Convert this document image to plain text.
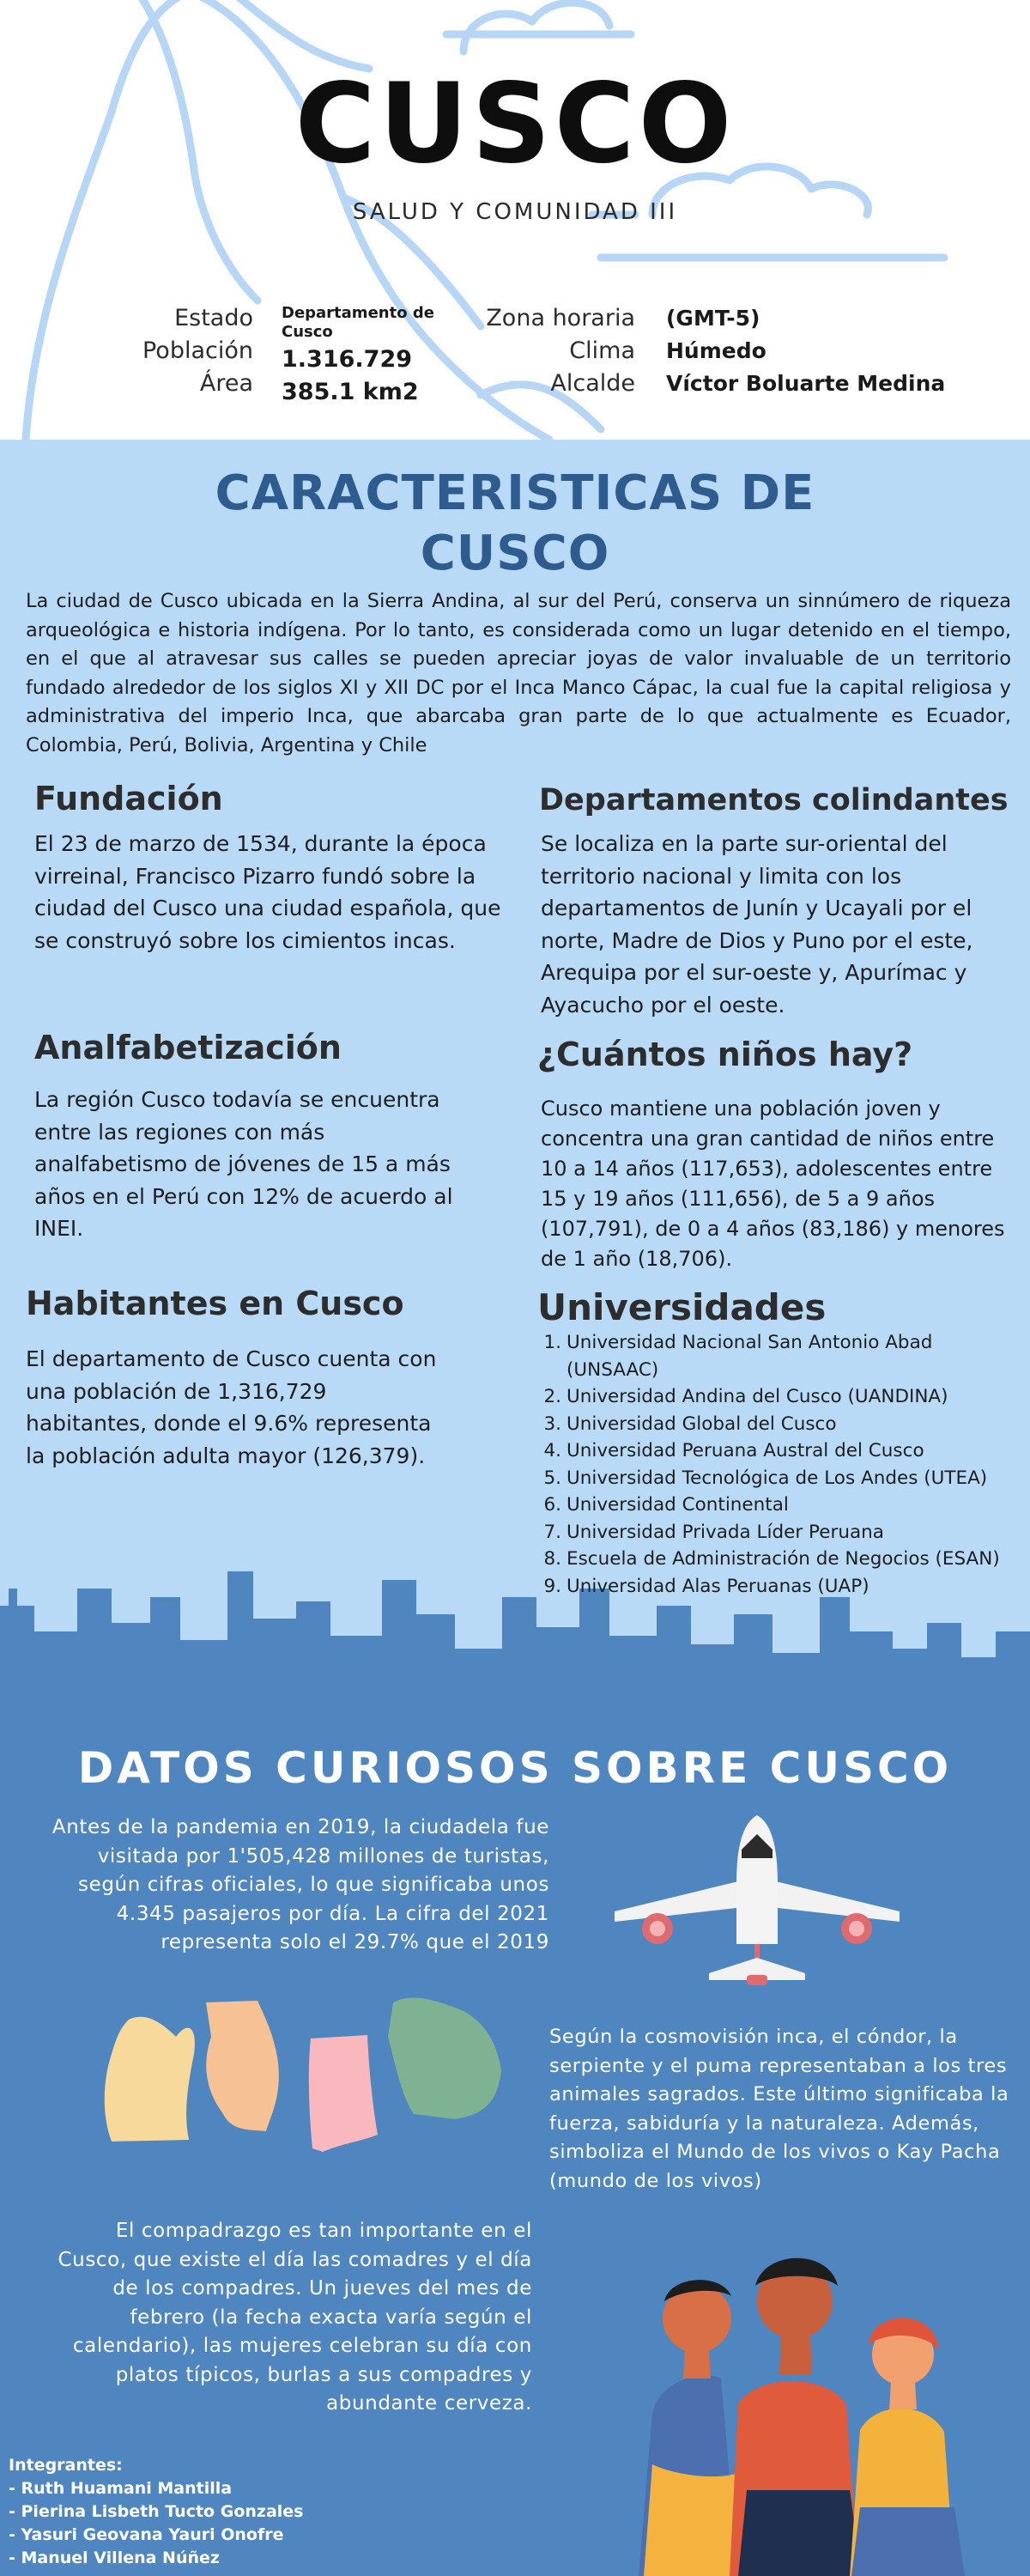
CUSCO
SALUD Y COMUNIDAD III
Estado
Población
Área
Departamento de Cusco
1.316.729
385.1 km2
Zona horaria
Clima
Alcalde
(GMT-5)
Húmedo
Víctor Boluarte Medina
CARACTERISTICAS DE
CUSCO
La ciudad de Cusco ubicada en la Sierra Andina, al sur del Perú, conserva un sinnúmero de riqueza arqueológica e historia indígena. Por lo tanto, es considerada como un lugar detenido en el tiempo, en el que al atravesar sus calles se pueden apreciar joyas de valor invaluable de un territorio fundado alrededor de los siglos XI y XII DC por el Inca Manco Cápac, la cual fue la capital religiosa y administrativa del imperio Inca, que abarcaba gran parte de lo que actualmente es Ecuador, Colombia, Perú, Bolivia, Argentina y Chile
Fundación
El 23 de marzo de 1534, durante la época virreinal, Francisco Pizarro fundó sobre la ciudad del Cusco una ciudad española, que se construyó sobre los cimientos incas.
Departamentos colindantes
Se localiza en la parte sur-oriental del territorio nacional y limita con los departamentos de Junín y Ucayali por el norte, Madre de Dios y Puno por el este, Arequipa por el sur-oeste y, Apurímac y Ayacucho por el oeste.
Analfabetización
La región Cusco todavía se encuentra entre las regiones con más analfabetismo de jóvenes de 15 a más años en el Perú con 12% de acuerdo al INEI.
¿Cuántos niños hay?
Cusco mantiene una población joven y concentra una gran cantidad de niños entre 10 a 14 años (117,653), adolescentes entre 15 y 19 años (111,656), de 5 a 9 años (107,791), de 0 a 4 años (83,186) y menores de 1 año (18,706).
Habitantes en Cusco
El departamento de Cusco cuenta con una población de 1,316,729 habitantes, donde el 9.6% representa la población adulta mayor (126,379).
Universidades
1. Universidad Nacional San Antonio Abad (UNSAAC)
2. Universidad Andina del Cusco (UANDINA)
3. Universidad Global del Cusco
4. Universidad Peruana Austral del Cusco
5. Universidad Tecnológica de Los Andes (UTEA)
6. Universidad Continental
7. Universidad Privada Líder Peruana
8. Escuela de Administración de Negocios (ESAN)
9. Universidad Alas Peruanas (UAP)
DATOS CURIOSOS SOBRE CUSCO
Antes de la pandemia en 2019, la ciudadela fue visitada por 1'505,428 millones de turistas, según cifras oficiales, lo que significaba unos 4.345 pasajeros por día. La cifra del 2021 representa solo el 29.7% que el 2019
Según la cosmovisión inca, el cóndor, la serpiente y el puma representaban a los tres animales sagrados. Este último significaba la fuerza, sabiduría y la naturaleza. Además, simboliza el Mundo de los vivos o Kay Pacha (mundo de los vivos)
El compadrazgo es tan importante en el Cusco, que existe el día las comadres y el día de los compadres. Un jueves del mes de febrero (la fecha exacta varía según el calendario), las mujeres celebran su día con platos típicos, burlas a sus compadres y abundante cerveza.
Integrantes:
- Ruth Huamani Mantilla
- Pierina Lisbeth Tucto Gonzales
- Yasuri Geovana Yauri Onofre
- Manuel Villena Núñez
